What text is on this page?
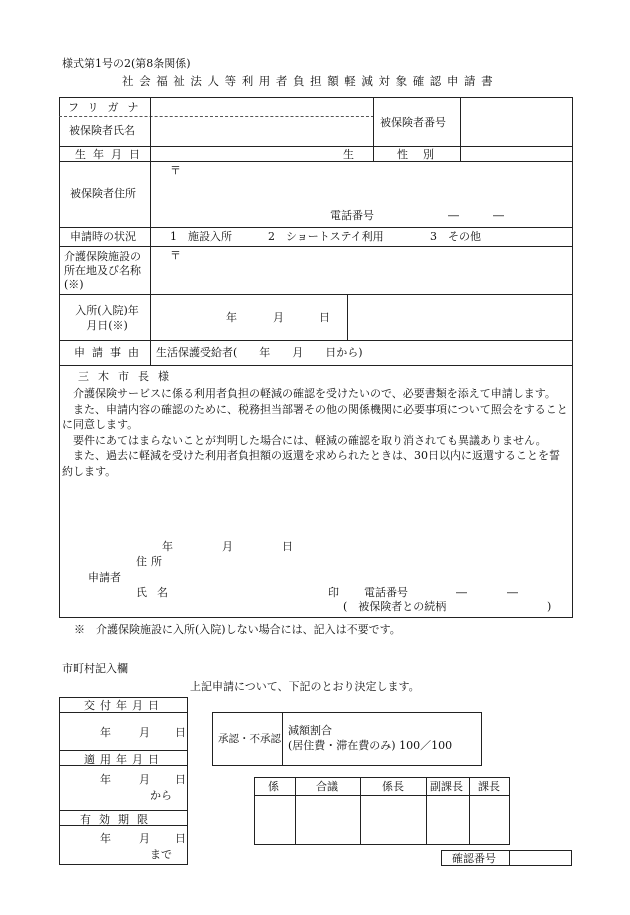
様式第1号の2(第8条関係)
社会福祉法人等利用者負担額軽減対象確認申請書
フリガナ
被保険者氏名
被保険者番号
生年月日	生	性　別
被保険者住所
〒
電話番号	―　　―
申請時の状況	1　施設入所	2　ショートステイ利用	3　その他
介護保険施設の所在地及び名称(※)
〒
入所(入院)年月日(※)
年	月	日
申請事由 生活保護受給者(　　年　　月　　日から)
三木市長様

介護保険サービスに係る利用者負担の軽減の確認を受けたいので、必要書類を添えて申請します。

また、申請内容の確認のために、税務担当部署その他の関係機関に必要事項について照会をすることに同意します。

要件にあてはまらないことが判明した場合には、軽減の確認を取り消されても異議ありません。

また、過去に軽減を受けた利用者負担額の返還を求められたときは、30日以内に返還することを誓約します。

年	月	日
住所
申請者
氏名	印 電話番号	―　　―
(　被保険者との続柄	)
※　介護保険施設に入所(入院)しない場合には、記入は不要です。
市町村記入欄
上記申請について、下記のとおり決定します。
交付年月日
年	月 日
適用年月日
年	月 日
から
有効期限
年	月 日
まで
承認・不承認
減額割合
(居住費・滞在費のみ) 100／100
係	合議	係長 副課長 課長
確認番号
